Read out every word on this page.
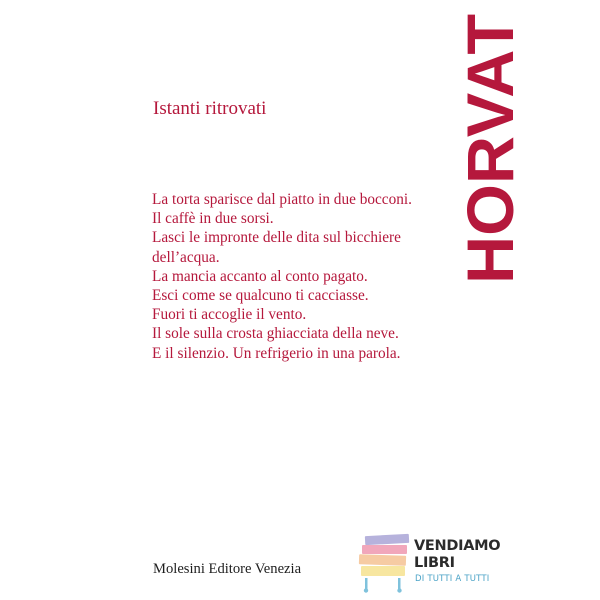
HORVAT
Istanti ritrovati
La torta sparisce dal piatto in due bocconi.
Il caffè in due sorsi.
Lasci le impronte delle dita sul bicchiere
dell’acqua.
La mancia accanto al conto pagato.
Esci come se qualcuno ti cacciasse.
Fuori ti accoglie il vento.
Il sole sulla crosta ghiacciata della neve.
E il silenzio. Un refrigerio in una parola.
Molesini Editore Venezia
VENDIAMO
LIBRI
DI TUTTI A TUTTI
